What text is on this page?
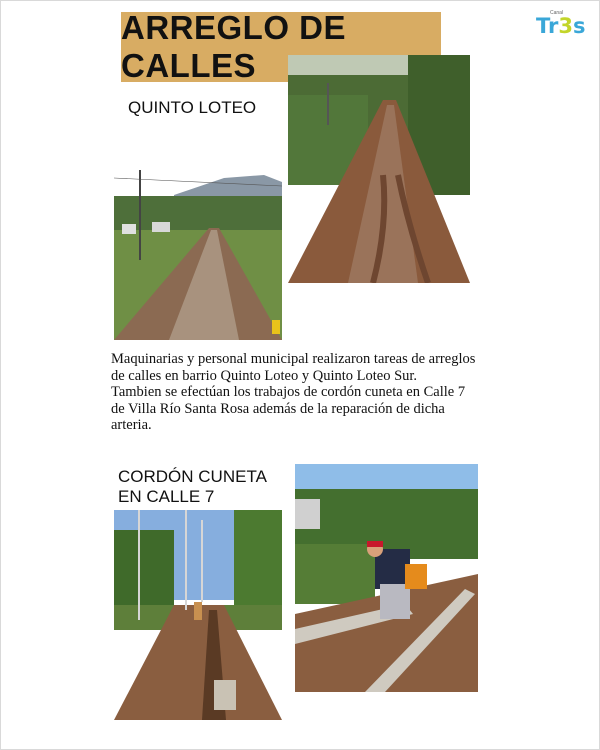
ARREGLO DE CALLES
Canal
Tr3s
QUINTO LOTEO

Maquinarias y personal municipal realizaron tareas de arreglos de calles en barrio Quinto Loteo y Quinto Loteo Sur.

Tambien se efectúan los trabajos de cordón cuneta en Calle 7 de Villa Río Santa Rosa además de la reparación de dicha arteria.

CORDÓN CUNETA
EN CALLE 7
